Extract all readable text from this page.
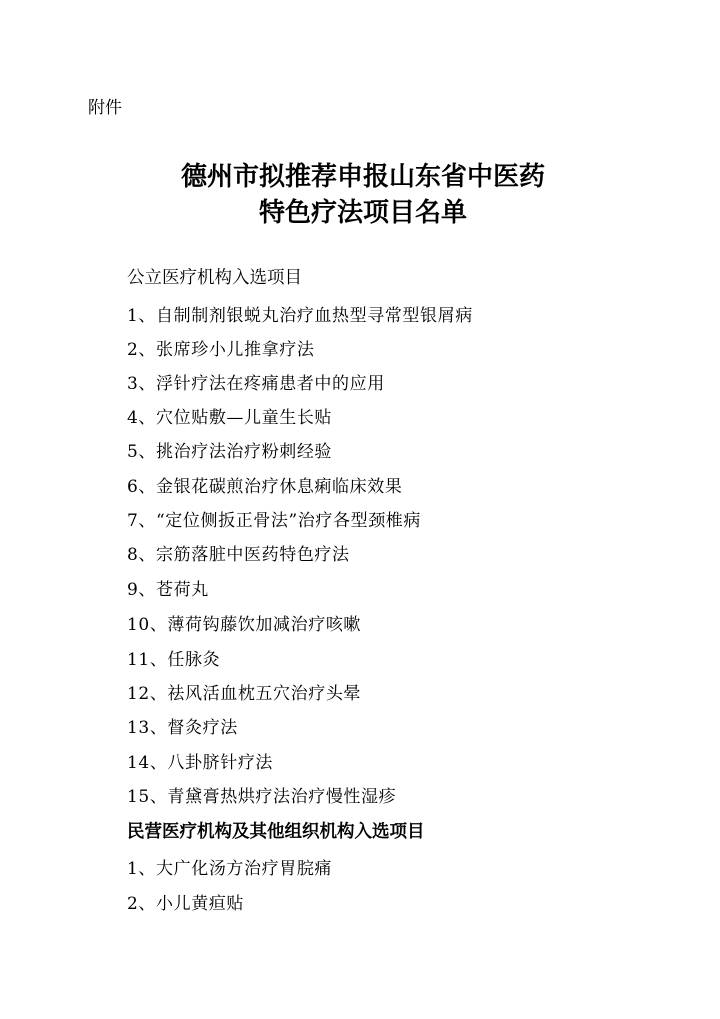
附件
德州市拟推荐申报山东省中医药
特色疗法项目名单
公立医疗机构入选项目
1、自制制剂银蜕丸治疗血热型寻常型银屑病
2、张席珍小儿推拿疗法
3、浮针疗法在疼痛患者中的应用
4、穴位贴敷—儿童生长贴
5、挑治疗法治疗粉刺经验
6、金银花碳煎治疗休息痢临床效果
7、“定位侧扳正骨法”治疗各型颈椎病
8、宗筋落脏中医药特色疗法
9、苍荷丸
10、薄荷钩藤饮加减治疗咳嗽
11、任脉灸
12、祛风活血枕五穴治疗头晕
13、督灸疗法
14、八卦脐针疗法
15、青黛膏热烘疗法治疗慢性湿疹
民营医疗机构及其他组织机构入选项目
1、大广化汤方治疗胃脘痛
2、小儿黄疸贴
